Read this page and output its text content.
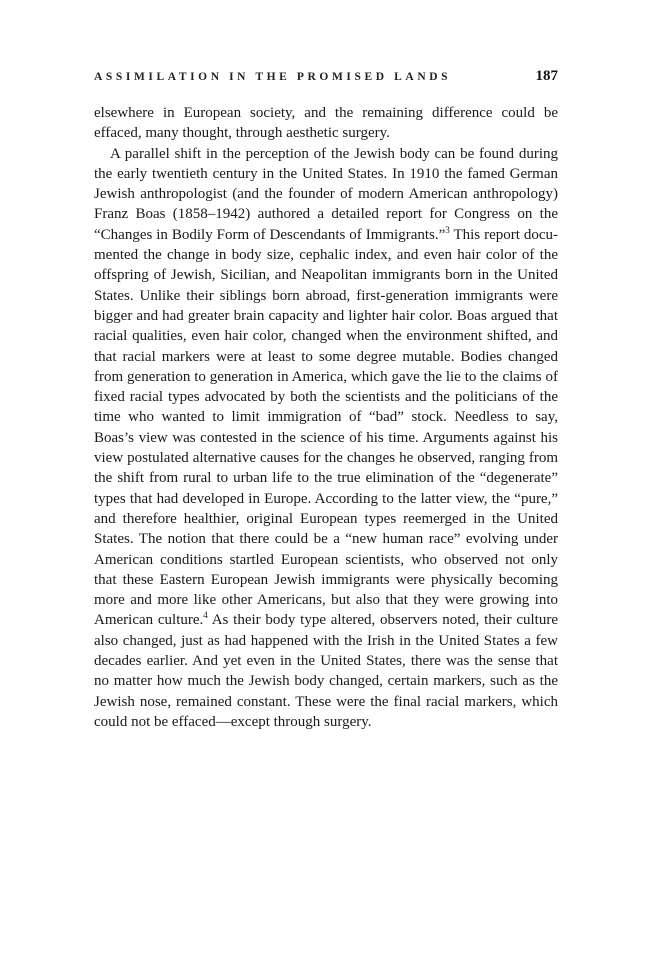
ASSIMILATION IN THE PROMISED LANDS	187

elsewhere in European society, and the remaining difference could be effaced, many thought, through aesthetic surgery.

A parallel shift in the perception of the Jewish body can be found during the early twentieth century in the United States. In 1910 the famed German Jewish anthropologist (and the founder of modern American anthropology) Franz Boas (1858–1942) authored a detailed report for Congress on the “Changes in Bodily Form of Descendants of Immigrants.”$^3$ This report documented the change in body size, cephalic index, and even hair color of the offspring of Jewish, Sicilian, and Neapolitan immigrants born in the United States. Unlike their siblings born abroad, first-generation immigrants were bigger and had greater brain capacity and lighter hair color. Boas argued that racial qualities, even hair color, changed when the environment shifted, and that racial markers were at least to some degree mutable. Bodies changed from generation to generation in America, which gave the lie to the claims of fixed racial types advocated by both the scientists and the politicians of the time who wanted to limit immigration of “bad” stock. Needless to say, Boas’s view was contested in the science of his time. Arguments against his view postulated alternative causes for the changes he observed, ranging from the shift from rural to urban life to the true elimination of the “degenerate” types that had developed in Europe. According to the latter view, the “pure,” and therefore healthier, original European types reemerged in the United States. The notion that there could be a “new human race” evolving under American conditions startled European scientists, who observed not only that these Eastern European Jewish immigrants were physically becoming more and more like other Americans, but also that they were growing into American culture.$^4$ As their body type altered, observers noted, their culture also changed, just as had happened with the Irish in the United States a few decades earlier. And yet even in the United States, there was the sense that no matter how much the Jewish body changed, certain markers, such as the Jewish nose, remained constant. These were the final racial markers, which could not be effaced—except through surgery.
